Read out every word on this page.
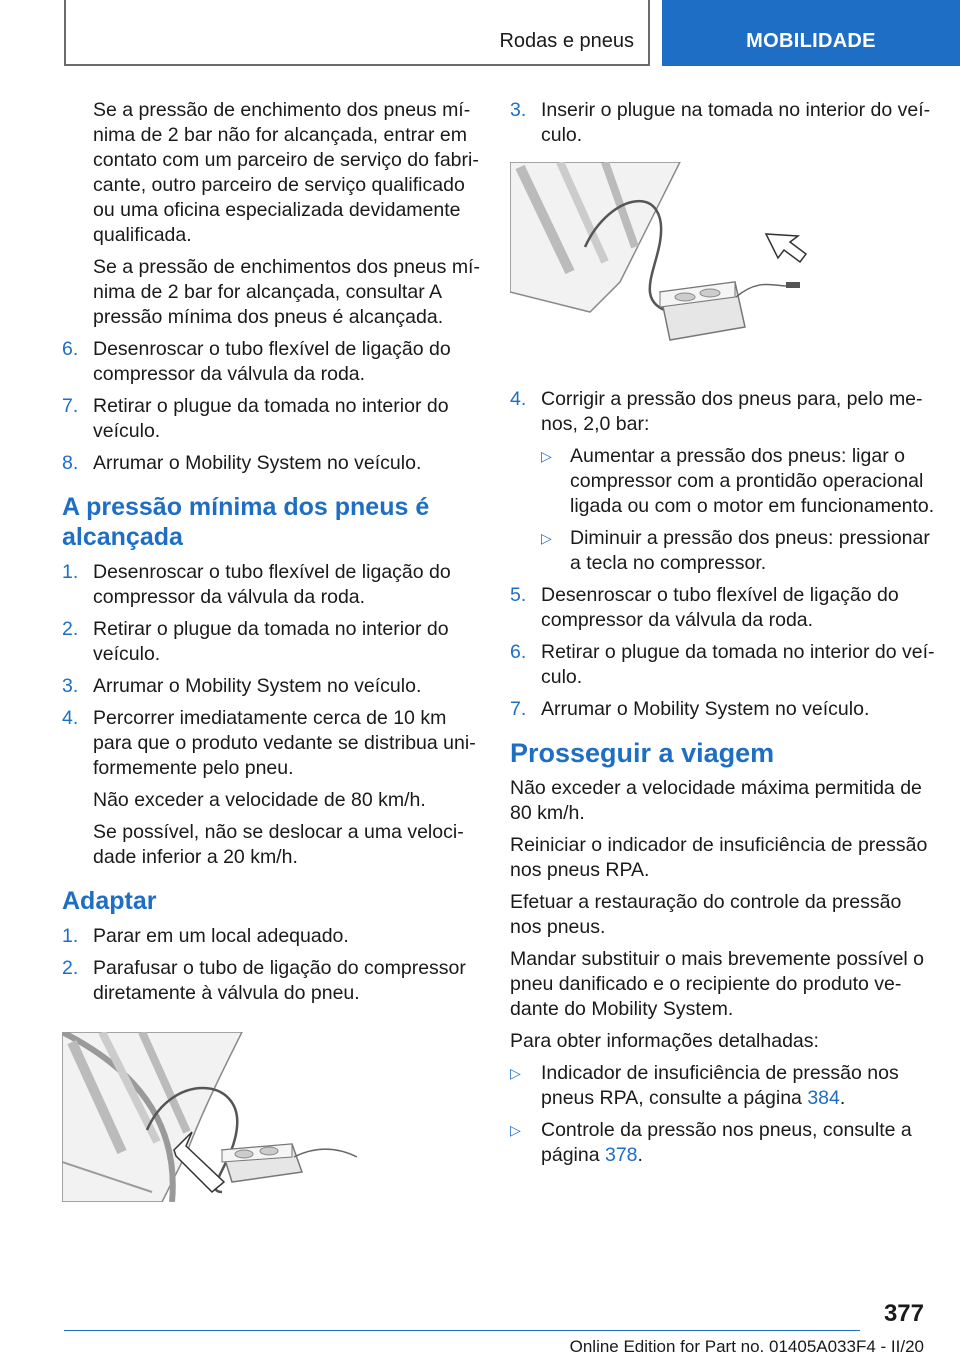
Rodas e pneus	MOBILIDADE

Se a pressão de enchimento dos pneus mínima de 2 bar não for alcançada, entrar em contato com um parceiro de serviço do fabricante, outro parceiro de serviço qualificado ou uma oficina especializada devidamente qualificada.

Se a pressão de enchimentos dos pneus mínima de 2 bar for alcançada, consultar A pressão mínima dos pneus é alcançada.

6. Desenroscar o tubo flexível de ligação do compressor da válvula da roda.
7. Retirar o plugue da tomada no interior do veículo.
8. Arrumar o Mobility System no veículo.
A pressão mínima dos pneus é alcançada
1. Desenroscar o tubo flexível de ligação do compressor da válvula da roda.
2. Retirar o plugue da tomada no interior do veículo.
3. Arrumar o Mobility System no veículo.
4. Percorrer imediatamente cerca de 10 km para que o produto vedante se distribua uniformemente pelo pneu.

Não exceder a velocidade de 80 km/h.

Se possível, não se deslocar a uma velocidade inferior a 20 km/h.

Adaptar
1. Parar em um local adequado.
2. Parafusar o tubo de ligação do compressor diretamente à válvula do pneu.
3. Inserir o plugue na tomada no interior do veículo.
4. Corrigir a pressão dos pneus para, pelo menos, 2,0 bar:
▷ Aumentar a pressão dos pneus: ligar o compressor com a prontidão operacional ligada ou com o motor em funcionamento.
▷ Diminuir a pressão dos pneus: pressionar a tecla no compressor.
5. Desenroscar o tubo flexível de ligação do compressor da válvula da roda.
6. Retirar o plugue da tomada no interior do veículo.
7. Arrumar o Mobility System no veículo.
Prosseguir a viagem

Não exceder a velocidade máxima permitida de 80 km/h.

Reiniciar o indicador de insuficiência de pressão nos pneus RPA.

Efetuar a restauração do controle da pressão nos pneus.

Mandar substituir o mais brevemente possível o pneu danificado e o recipiente do produto vedante do Mobility System.

Para obter informações detalhadas:

▷ Indicador de insuficiência de pressão nos pneus RPA, consulte a página 384.
▷ Controle da pressão nos pneus, consulte a página 378.
377
Online Edition for Part no. 01405A033F4 - II/20
